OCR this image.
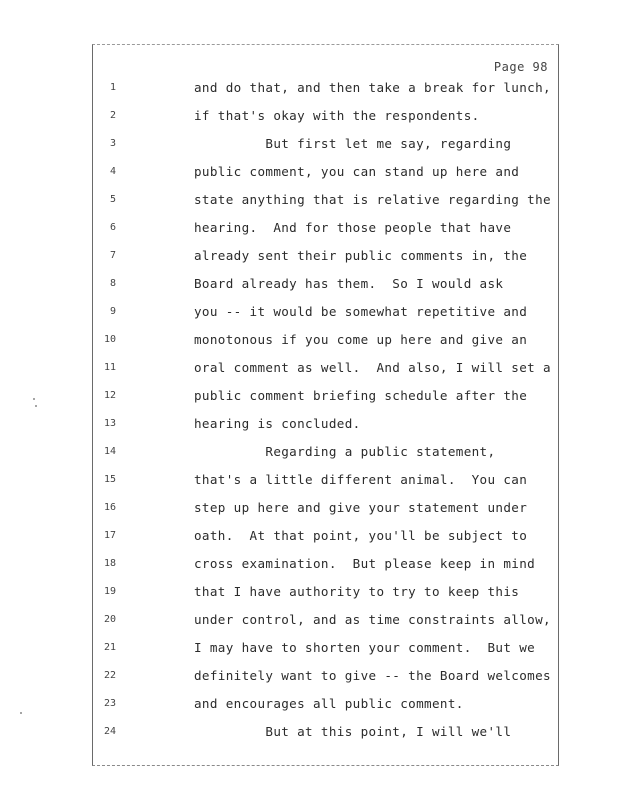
Page 98
1	and do that, and then take a break for lunch,
2	if that's okay with the respondents.
3	But first let me say, regarding
4	public comment, you can stand up here and
5	state anything that is relative regarding the
6	hearing.  And for those people that have
7	already sent their public comments in, the
8	Board already has them.  So I would ask
9	you -- it would be somewhat repetitive and
10	monotonous if you come up here and give an
11	oral comment as well.  And also, I will set a
12	public comment briefing schedule after the
13	hearing is concluded.
14	Regarding a public statement,
15	that's a little different animal.  You can
16	step up here and give your statement under
17	oath.  At that point, you'll be subject to
18	cross examination.  But please keep in mind
19	that I have authority to try to keep this
20	under control, and as time constraints allow,
21	I may have to shorten your comment.  But we
22	definitely want to give -- the Board welcomes
23	and encourages all public comment.
24	But at this point, I will we'll
